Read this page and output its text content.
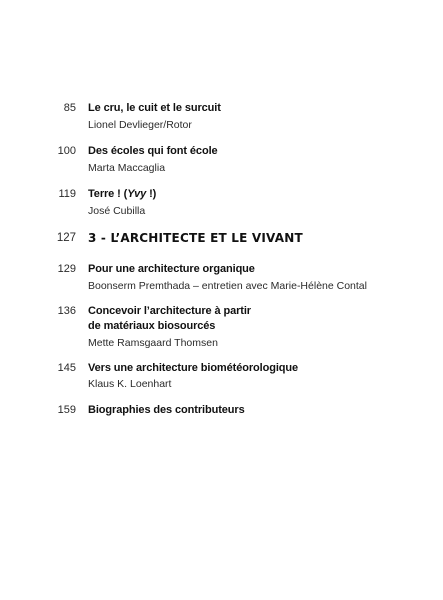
85 Le cru, le cuit et le surcuit
Lionel Devlieger/Rotor
100 Des écoles qui font école
Marta Maccaglia
119 Terre ! (Yvy !)
José Cubilla
127 3 - L’ARCHITECTE ET LE VIVANT
129 Pour une architecture organique
Boonserm Premthada – entretien avec Marie-Hélène Contal
136 Concevoir l’architecture à partir
de matériaux biosourcés
Mette Ramsgaard Thomsen
145 Vers une architecture biométéorologique
Klaus K. Loenhart
159 Biographies des contributeurs
